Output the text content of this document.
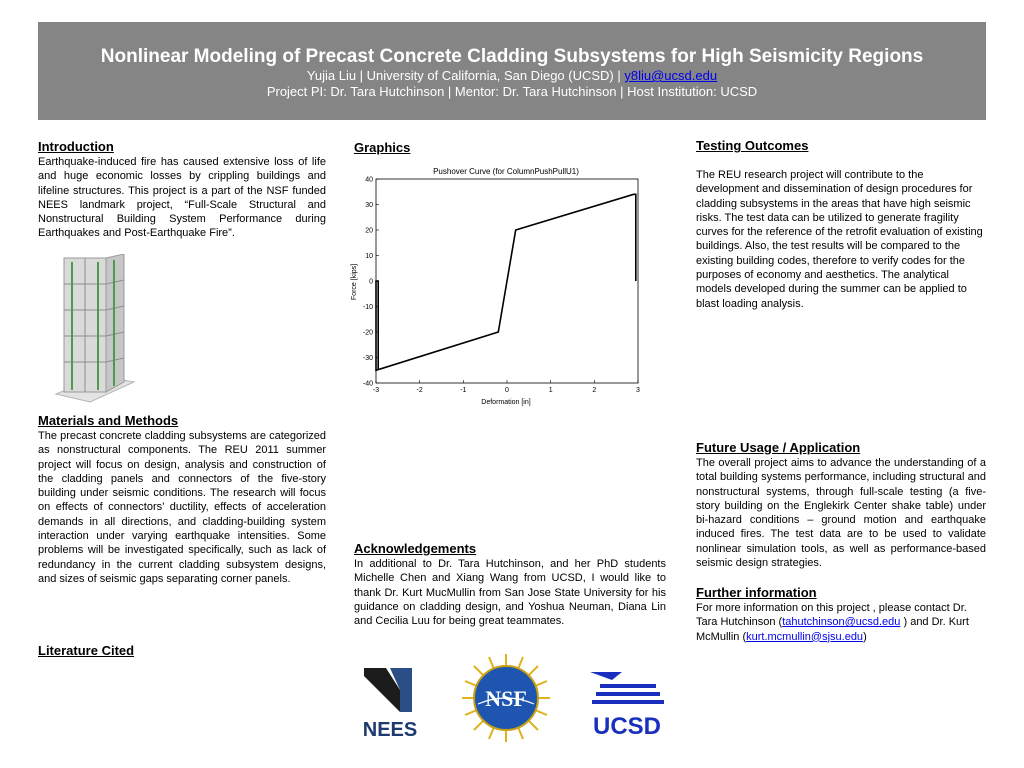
Nonlinear Modeling of Precast Concrete Cladding Subsystems for High Seismicity Regions
Yujia Liu | University of California, San Diego (UCSD) | y8liu@ucsd.edu
Project PI: Dr. Tara Hutchinson | Mentor: Dr. Tara Hutchinson | Host Institution: UCSD
Introduction

Earthquake-induced fire has caused extensive loss of life and huge economic losses by crippling buildings and lifeline structures. This project is a part of the NSF funded NEES landmark project, “Full-Scale Structural and Nonstructural Building System Performance during Earthquakes and Post-Earthquake Fire”.

Materials and Methods

The precast concrete cladding subsystems are categorized as nonstructural components. The REU 2011 summer project will focus on design, analysis and construction of the cladding panels and connectors of the five-story building under seismic conditions. The research will focus on effects of connectors’ ductility, effects of acceleration demands in all directions, and cladding-building system interaction under varying earthquake intensities. Some problems will be investigated specifically, such as lack of redundancy in the current cladding subsystem designs, and sizes of seismic gaps separating corner panels.

Literature Cited
Graphics
Pushover Curve (for ColumnPushPullU1)
Deformation [in]
Force [kips]
-3	-2	-1	0	1	2	3
-40
-30
-20
-10
0
10
20
30
40
Acknowledgements

In additional to Dr. Tara Hutchinson, and her PhD students Michelle Chen and Xiang Wang from UCSD, I would like to thank Dr. Kurt MucMullin from San Jose State University for his guidance on cladding design, and Yoshua Neuman, Diana Lin and Cecilia Luu for being great teammates.

Testing Outcomes

The REU research project will contribute to the development and dissemination of design procedures for cladding subsystems in the areas that have high seismic risks. The test data can be utilized to generate fragility curves for the reference of the retrofit evaluation of existing buildings. Also, the test results will be compared to the existing building codes, therefore to verify codes for the purposes of economy and aesthetics. The analytical models developed during the summer can be applied to blast loading analysis.

Future Usage / Application

The overall project aims to advance the understanding of a total building systems performance, including structural and nonstructural systems, through full-scale testing (a five-story building on the Englekirk Center shake table) under bi-hazard conditions – ground motion and earthquake induced fires. The test data are to be used to validate nonlinear simulation tools, as well as performance-based seismic design strategies.

Further information

For more information on this project , please contact Dr. Tara Hutchinson (tahutchinson@ucsd.edu ) and Dr. Kurt McMullin (kurt.mcmullin@sjsu.edu)

NEES
NSF
UCSD
